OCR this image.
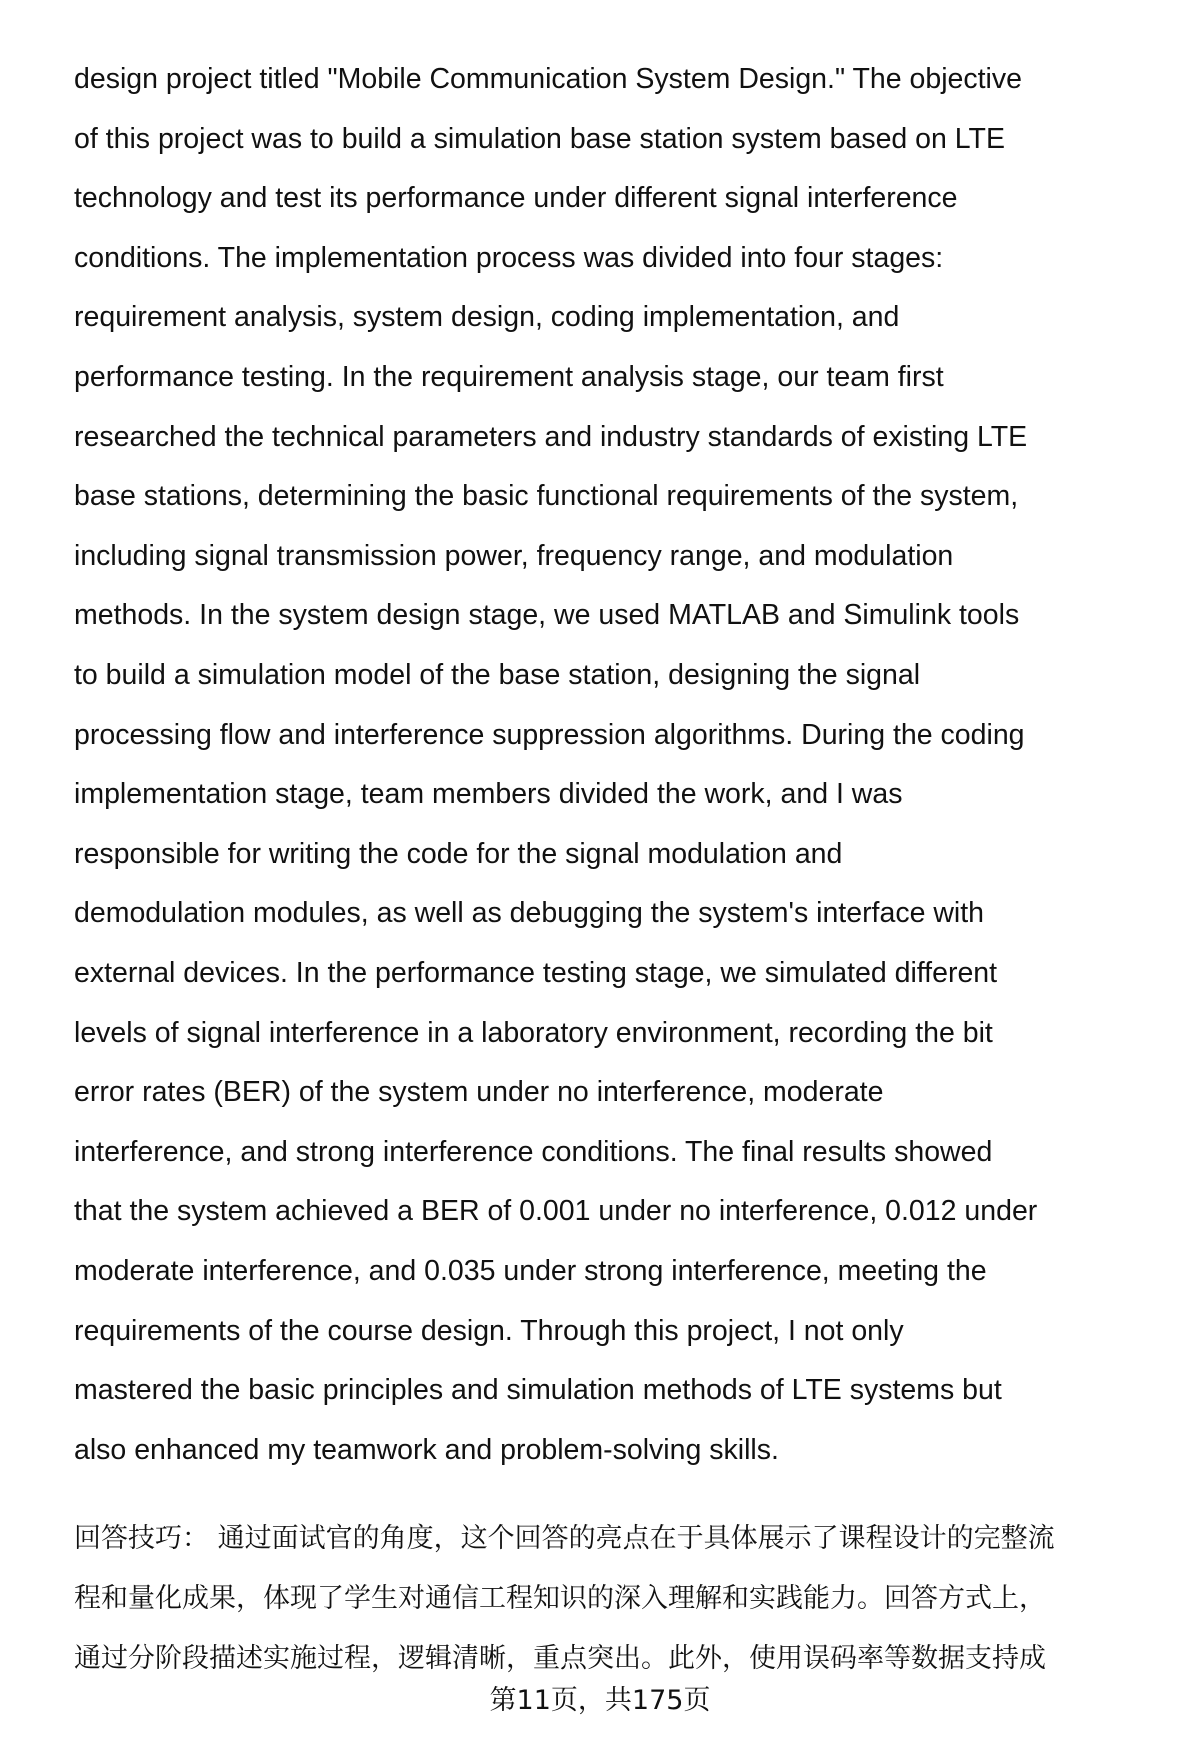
design project titled "Mobile Communication System Design." The objective
of this project was to build a simulation base station system based on LTE
technology and test its performance under different signal interference
conditions. The implementation process was divided into four stages:
requirement analysis, system design, coding implementation, and
performance testing. In the requirement analysis stage, our team first
researched the technical parameters and industry standards of existing LTE
base stations, determining the basic functional requirements of the system,
including signal transmission power, frequency range, and modulation
methods. In the system design stage, we used MATLAB and Simulink tools
to build a simulation model of the base station, designing the signal
processing flow and interference suppression algorithms. During the coding
implementation stage, team members divided the work, and I was
responsible for writing the code for the signal modulation and
demodulation modules, as well as debugging the system's interface with
external devices. In the performance testing stage, we simulated different
levels of signal interference in a laboratory environment, recording the bit
error rates (BER) of the system under no interference, moderate
interference, and strong interference conditions. The final results showed
that the system achieved a BER of 0.001 under no interference, 0.012 under
moderate interference, and 0.035 under strong interference, meeting the
requirements of the course design. Through this project, I not only
mastered the basic principles and simulation methods of LTE systems but
also enhanced my teamwork and problem-solving skills.
回答技巧： 通过面试官的角度，这个回答的亮点在于具体展示了课程设计的完整流
程和量化成果，体现了学生对通信工程知识的深入理解和实践能力。回答方式上，
通过分阶段描述实施过程，逻辑清晰，重点突出。此外，使用误码率等数据支持成
第11页，共175页
